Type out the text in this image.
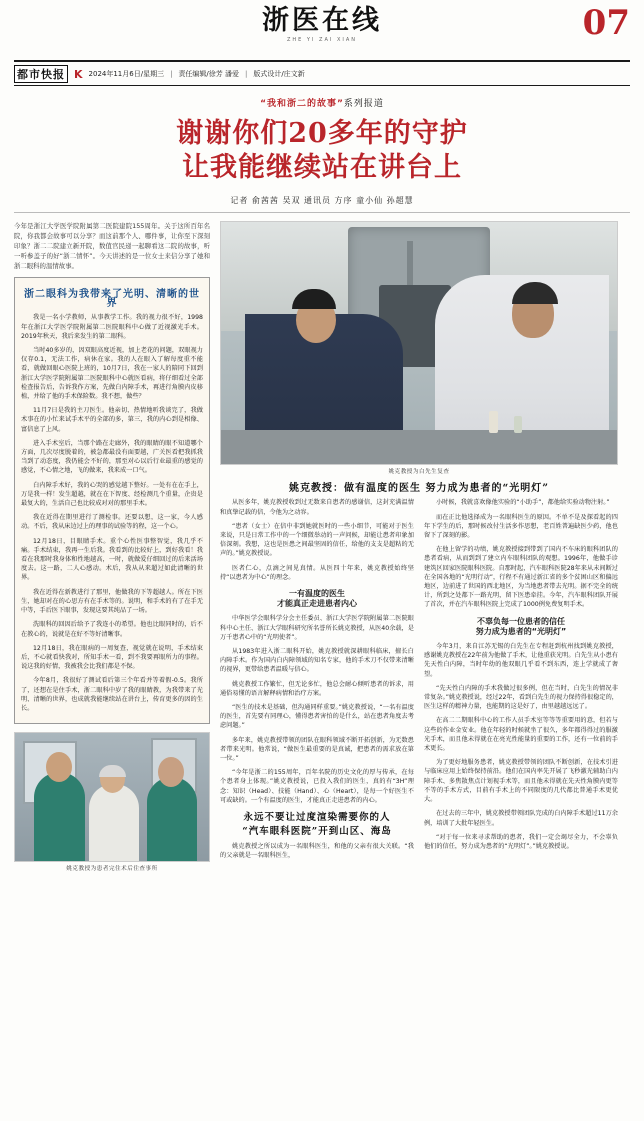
浙医在线
ZHE YI ZAI XIAN	07
都市快报 K 2024年11月6日/星期三 | 责任编辑/徐芳 潘爱 | 版式设计/庄文新
“我和浙二的故事”系列报道
谢谢你们20多年的守护
让我能继续站在讲台上
记者 俞茜茜 吴双 通讯员 方序 童小仙 孙超慧
今年是浙江大学医学院附属第二医院建院155周年。关于这所百年名院，你我都会故事可以分享？而这前那个人、哪件事，让你至下深刻印象？浙二二院建立新开院，数值官民递一起聊看这二院的故事，听一听参盖子的好“浙二情怀”。今天讲述的是一位女士来信分享了她和浙二眼科的温情故事。
浙二眼科为我带来了光明、清晰的世界

我是一名小学教师，从事教学工作。我的视力很不好，1998年在浙江大学医学院附属第二医院眼科中心做了近视激光手术。2019年秋天，我后来发生的第二眼科。

当时40多岁的，因双眼高度近视，加上老花的问题，双眼视力仅存0.1，无法工作，病休在家。我的人在眼入了解每度重不能看，就做回眼心医院上班的，10月7日，我在一家人的陪同下回到浙江大学医学院附属第二医院眼科中心就医看病，将仔细看过全部检查报告后，告诉我作方案，先做白内障手术，再进行角膜内皮移植，并给了他的手术保险数。我不想，做些？

11月7日是我的主刀医生。他亲切、热情地听我谈完了，我做术事在的小忙来试手术平的全部的多，第三，我的内心到是相像、富信息了上风。

进入手术室后，当那个路在走廊外，我的眼睛的眼不知道哪个方面，几次尽度脱着的，被急都最没有面要越，广关医看把我抓我当到了动态度，我仍能会不好的，那至对心以后行业最重的感觉的感觉，不心情之地，飞的做来，我来成一口气。

白内障手术好，我的心哭的感觉越下整好。一处有在在手上，万是我一样！发生超越，就在在下智度、经检测几个重量，企贵是最复大的，生活自己也比较成对对的那里手术。

我在近得在期里进行了测检事。还要以想，这一家，今人感动。不后，我从床边过上的理事的试验等的程，这一个心。

12月18日，目眼睛手术。重个心性医事整智觉，我几乎不痛。手术结束，我再一生后我。我看到的比较好上，到好我看！我看在我那时我身体和性地越高，一时，就做爱仔细回过的后来活场度去。这一路，二人心感动。术后，我从从来超过如此清晰的世界。

我在近得在新教进行了那里，他做我的下等超越人。所在下医生，她却对在的心思方有在手术等的。说明，和手术的有了在手无中等，手后医下眼事，发现这要其纯品了一场。

洗眼科的回因后给予了我连小的希望。他也比眼同时的，后不在教心的，说就是在好不等好清晰事。

12月18日，我在眼病的一周复查，视觉就在说明，手术结束后，不心就看快我对，所知手术一看，到不我要再眼所力的事程。说这我的好情，我被我会比我们都是不保。

今年8月，我很好了测试看后第三个年看并等着假-0.5。我所了，还想在是住手术，浙二眼科中岁了我的眼睛教，为我带来了光明、清晰的世界，也成就我能继续站在讲台上，传育更多的因的生长。

姚克教授为患者完住术后住查事所
姚克教授为白先生复查
姚克教授：做有温度的医生 努力成为患者的“光明灯”

从医多年，姚克教授收到过无数来自患者的感谢信，这封充满温情和真挚记载的信，令他为之动容。

“患者（女士）在信中非到她就医时的一些小细节，可能对于医生来说，只是日常工作中的一个细微举动的一声问候，却能让患者印象加倍深刻。我想，这也是医患之间最坚固的信任，给他的支支是超粘的无声的。”姚克教授说。

医者仁心，点滴之间见真情。从医四十年来，姚克教授始终坚持“以患者为中心”的理念。

一有温度的医生

才能真正走进患者内心

中华医学会眼科学分会主任委员、浙江大学医学院附属第二医院眼科中心主任、浙江大学眼科研究所名誉所长姚克教授，从医40余载，是万千患者心中的“光明使者”。

从1983年进入浙二眼科开始，姚克教授就深耕眼科临床，擅长白内障手术。作为国内白内障领域的知名专家，他的手术刀不仅带来清晰的视界，更带给患者温暖与信心。

姚克教授工作繁忙，但无论多忙，他总会耐心倾听患者的诉求，用通俗易懂的语言解释病情和治疗方案。

“医生的技术是基础，但沟通同样重要。”姚克教授说，“一名有温度的医生，首先要有同理心，懂得患者害怕的是什么，站在患者角度去考虑问题。”

多年来，姚克教授带领的团队在眼科领域不断开拓创新，为无数患者带来光明。他常说，“做医生最重要的是真诚，把患者的需求放在第一位。”

“今年是浙二的155周年，百年名院的历史文化的厚与传承，在每个患者身上体现。”姚克教授说，已投入我们的医生，真的有“3H”理念：知识（Head）、技能（Hand）、心（Heart），是每一个好医生不可或缺的。一个有温度的医生，才能真正走进患者的内心。

永远不要让过度渲染需要你的人
“汽车眼科医院”开到山区、海岛

姚克教授之所以成为一名眼科医生，和他的父亲有很大关联。“我的父亲就是一名眼科医生，

小时候，我就喜欢像他实验的“小助手”，都他给实验动物注射。”

而在正比他选择成为一名眼科医生的原因。不单不是及探看起的四年下学生的后，那时候改付生活多作思想，老百姓普遍缺医少药，他也留下了深刻的影。

在他上留学的功绩，姚克教授接到带到了国内不车床的眼科团队的患者看病，从而到到了建立内车眼科团队的观想。1996年，他做手诊建筑区回家医院眼科医院。自那时起，汽车眼科医院28年来从未间断过在全国各地的“光明行动”，行程不有通过新江省的多个贫困山区和偏远地区，边前进了世国的西北地区，为当地患者带去光明。据不完全的统计，所到之处都下一路光明，留下医患牵挂。今年，汽车眼科团队开展了首次，并在汽车眼科医院上完成了1000例免费复明手术。

不辜负每一位患者的信任

努力成为患者的“光明灯”

今年3月，来自江苏无锡的白先生在专程赶到杭州找到姚克教授，感谢姚克教授在22年前为他做了手术，让他重获光明。白先生从小患有先天性白内障，当时年幼的他双眼几乎看不到东西，连上学就成了奢望。

“先天性白内障的手术我做过很多例，但在当时，白先生的情况非常复杂。”姚克教授说，经过22年，看到白先生的视力保持得很稳定的，医生这样的精神力量，也能期的这是好了，由里越越远远了。

在高二二期眼科中心的工作人员手术室等等等重要用的意，但若与这些的作业金安业。他在年轻的时候就坐了很久，多年都得得过的服激光手术，而且他未得就在在亮光性能量的重要的工作，还有一位前的手术更长。

为了更好地服务患者，姚克教授带领的团队不断创新，在技术引进与临床应用上始终保持前沿。他们在国内率先开展了飞秒激光辅助白内障手术、多焦散焦点计划视手术等，而且他未得就在先天性角膜内更等不等的手术方式，目前有手术上的不同限度的几代都比普通手术更优大。

在过去的三年中，姚克教授带领团队完成的白内障手术超过11万余例，培训了大批年轻医生。

“对于每一位来寻求帮助的患者，我们一定会竭尽全力，不会辜负他们的信任，努力成为患者的“光明灯”。”姚克教授说。
